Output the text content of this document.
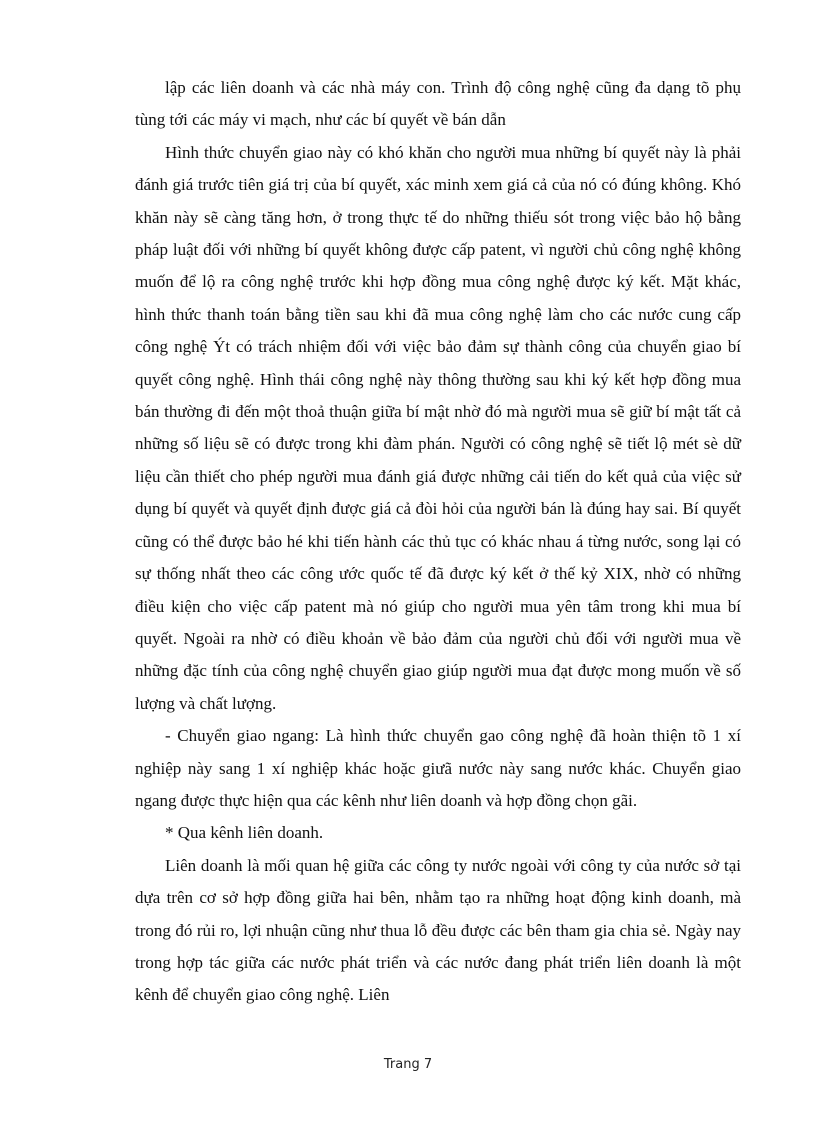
lập các liên doanh và các nhà máy con. Trình độ công nghệ cũng đa dạng tõ phụ tùng tới các máy vi mạch, như các bí quyết về bán dẫn

Hình thức chuyển giao này có khó khăn cho người mua những bí quyết này là phải đánh giá trước tiên giá trị của bí quyết, xác minh xem giá cả của nó có đúng không. Khó khăn này sẽ càng tăng hơn, ở trong thực tế do những thiếu sót trong việc bảo hộ bằng pháp luật đối với những bí quyết không được cấp patent, vì người chủ công nghệ không muốn để lộ ra công nghệ trước khi hợp đồng mua công nghệ được ký kết. Mặt khác, hình thức thanh toán bằng tiền sau khi đã mua công nghệ làm cho các nước cung cấp công nghệ Ýt có trách nhiệm đối với việc bảo đảm sự thành công của chuyển giao bí quyết công nghệ. Hình thái công nghệ này thông thường sau khi ký kết hợp đồng mua bán thường đi đến một thoả thuận giữa bí mật nhờ đó mà người mua sẽ giữ bí mật tất cả những số liệu sẽ có được trong khi đàm phán. Người có công nghệ sẽ tiết lộ mét sè dữ liệu cần thiết cho phép người mua đánh giá được những cải tiến do kết quả của việc sử dụng bí quyết và quyết định được giá cả đòi hỏi của người bán là đúng hay sai. Bí quyết cũng có thể được bảo hé khi tiến hành các thủ tục có khác nhau á từng nước, song lại có sự thống nhất theo các công ước quốc tế đã được ký kết ở thế kỷ XIX, nhờ có những điều kiện cho việc cấp patent mà nó giúp cho người mua yên tâm trong khi mua bí quyết. Ngoài ra nhờ có điều khoản về bảo đảm của người chủ đối với người mua về những đặc tính của công nghệ chuyển giao giúp người mua đạt được mong muốn về số lượng và chất lượng.

- Chuyển giao ngang: Là hình thức chuyển gao công nghệ đã hoàn thiện tõ 1 xí nghiệp này sang 1 xí nghiệp khác hoặc giưã nước này sang nước khác. Chuyển giao ngang được thực hiện qua các kênh như liên doanh và hợp đồng chọn gãi.

* Qua kênh liên doanh.

Liên doanh là mối quan hệ giữa các công ty nước ngoài với công ty của nước sở tại dựa trên cơ sở hợp đồng giữa hai bên, nhằm tạo ra những hoạt động kinh doanh, mà trong đó rủi ro, lợi nhuận cũng như thua lỗ đều được các bên tham gia chia sẻ. Ngày nay trong hợp tác giữa các nước phát triển và các nước đang phát triển liên doanh là một kênh để chuyển giao công nghệ. Liên

Trang 7
